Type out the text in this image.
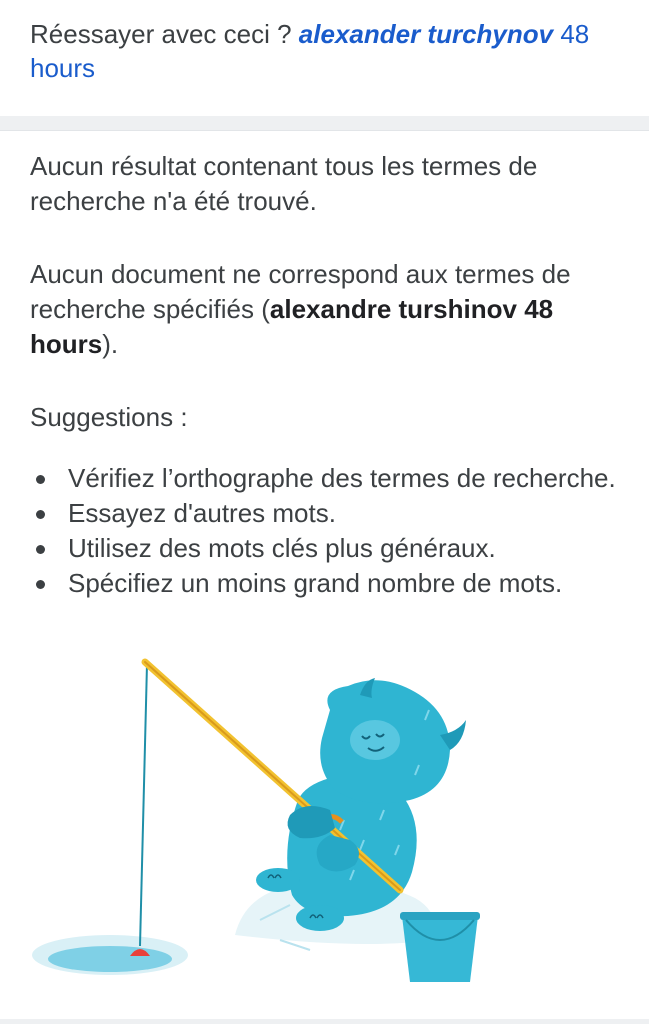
Réessayer avec ceci ? alexander turchynov 48 hours

Aucun résultat contenant tous les termes de recherche n'a été trouvé.

Aucun document ne correspond aux termes de recherche spécifiés (alexandre turshinov 48 hours).

Suggestions :

Vérifiez l’orthographe des termes de recherche.
Essayez d'autres mots.
Utilisez des mots clés plus généraux.
Spécifiez un moins grand nombre de mots.
